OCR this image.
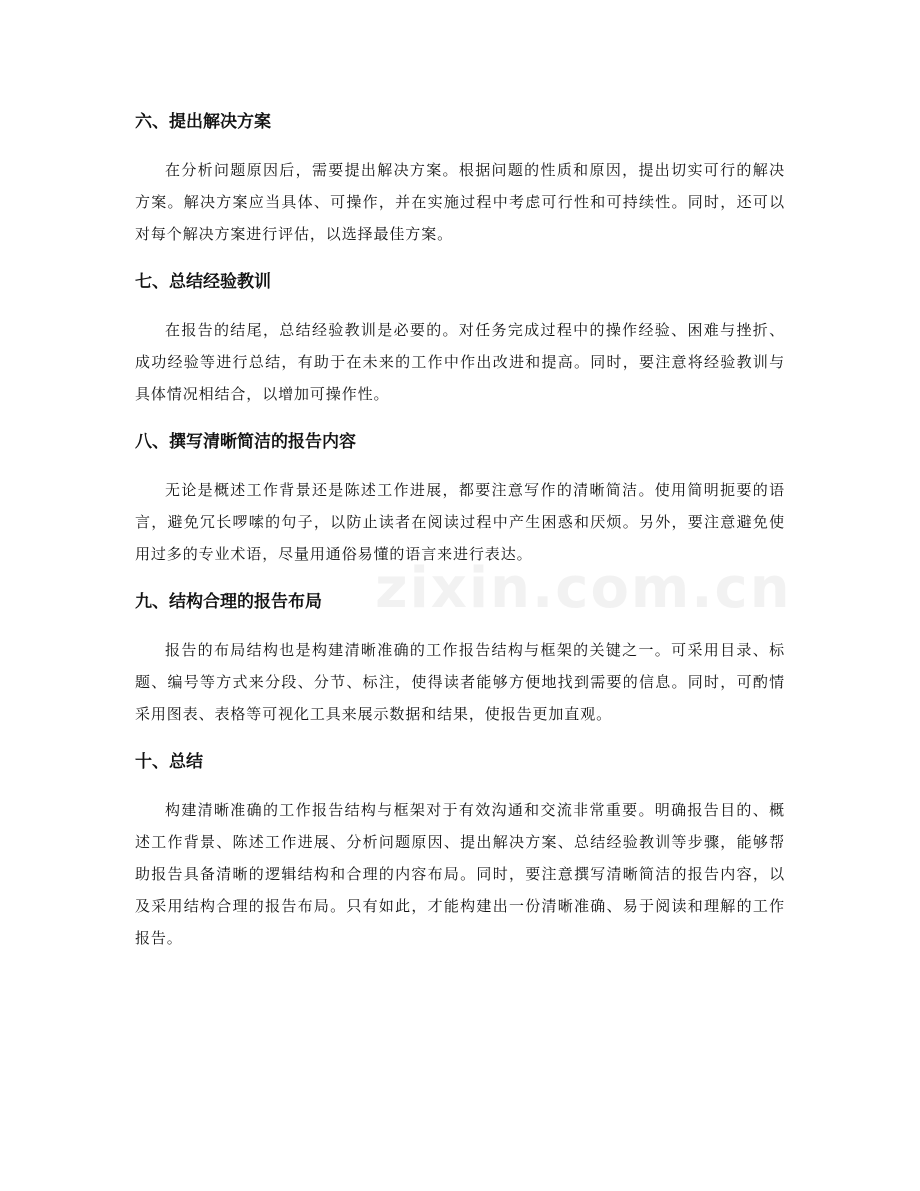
zixin.com.cn
六、提出解决方案

在分析问题原因后，需要提出解决方案。根据问题的性质和原因，提出切实可行的解决方案。解决方案应当具体、可操作，并在实施过程中考虑可行性和可持续性。同时，还可以对每个解决方案进行评估，以选择最佳方案。

七、总结经验教训

在报告的结尾，总结经验教训是必要的。对任务完成过程中的操作经验、困难与挫折、成功经验等进行总结，有助于在未来的工作中作出改进和提高。同时，要注意将经验教训与具体情况相结合，以增加可操作性。

八、撰写清晰简洁的报告内容

无论是概述工作背景还是陈述工作进展，都要注意写作的清晰简洁。使用简明扼要的语言，避免冗长啰嗦的句子，以防止读者在阅读过程中产生困惑和厌烦。另外，要注意避免使用过多的专业术语，尽量用通俗易懂的语言来进行表达。

九、结构合理的报告布局

报告的布局结构也是构建清晰准确的工作报告结构与框架的关键之一。可采用目录、标题、编号等方式来分段、分节、标注，使得读者能够方便地找到需要的信息。同时，可酌情采用图表、表格等可视化工具来展示数据和结果，使报告更加直观。

十、总结

构建清晰准确的工作报告结构与框架对于有效沟通和交流非常重要。明确报告目的、概述工作背景、陈述工作进展、分析问题原因、提出解决方案、总结经验教训等步骤，能够帮助报告具备清晰的逻辑结构和合理的内容布局。同时，要注意撰写清晰简洁的报告内容，以及采用结构合理的报告布局。只有如此，才能构建出一份清晰准确、易于阅读和理解的工作报告。
